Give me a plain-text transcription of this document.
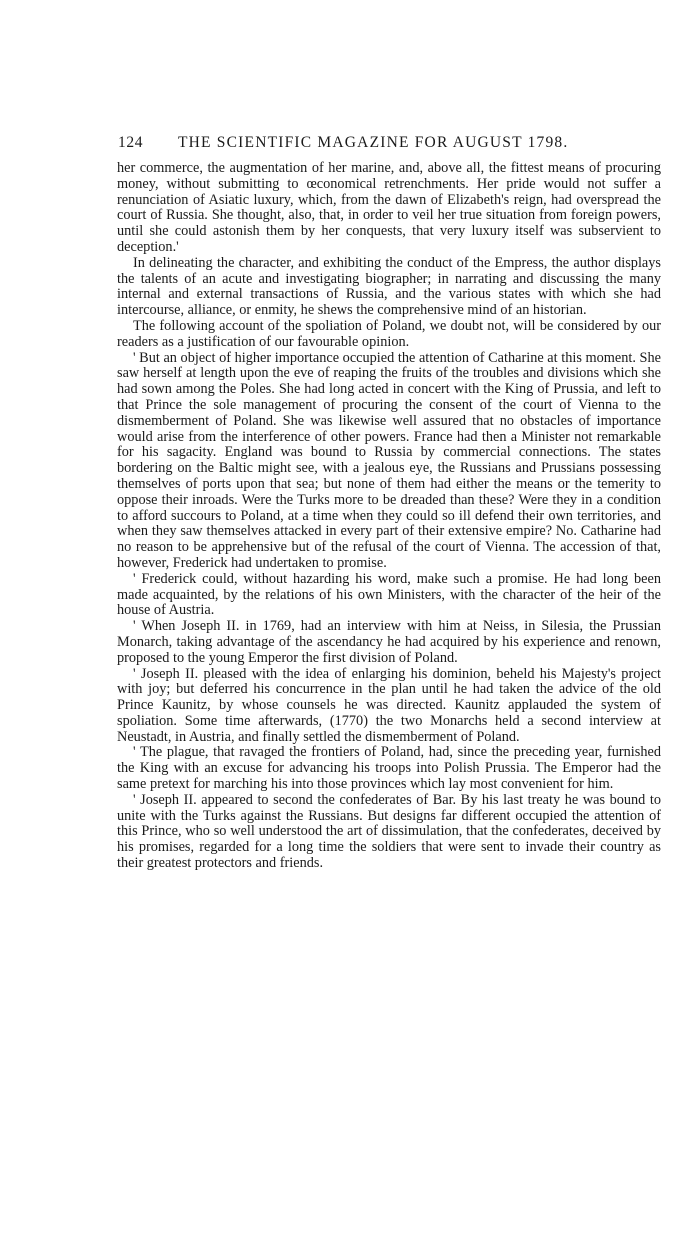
124 THE SCIENTIFIC MAGAZINE FOR AUGUST 1798.

her commerce, the augmentation of her marine, and, above all, the fittest means of procuring money, without submitting to œconomical retrenchments. Her pride would not suffer a renunciation of Asiatic luxury, which, from the dawn of Elizabeth's reign, had overspread the court of Russia. She thought, also, that, in order to veil her true situation from foreign powers, until she could astonish them by her conquests, that very luxury itself was subservient to deception.'

In delineating the character, and exhibiting the conduct of the Empress, the author displays the talents of an acute and investigating biographer; in narrating and discussing the many internal and external transactions of Russia, and the various states with which she had intercourse, alliance, or enmity, he shews the comprehensive mind of an historian.

The following account of the spoliation of Poland, we doubt not, will be considered by our readers as a justification of our favourable opinion.

' But an object of higher importance occupied the attention of Catharine at this moment. She saw herself at length upon the eve of reaping the fruits of the troubles and divisions which she had sown among the Poles. She had long acted in concert with the King of Prussia, and left to that Prince the sole management of procuring the consent of the court of Vienna to the dismemberment of Poland. She was likewise well assured that no obstacles of importance would arise from the interference of other powers. France had then a Minister not remarkable for his sagacity. England was bound to Russia by commercial connections. The states bordering on the Baltic might see, with a jealous eye, the Russians and Prussians possessing themselves of ports upon that sea; but none of them had either the means or the temerity to oppose their inroads. Were the Turks more to be dreaded than these? Were they in a condition to afford succours to Poland, at a time when they could so ill defend their own territories, and when they saw themselves attacked in every part of their extensive empire? No. Catharine had no reason to be apprehensive but of the refusal of the court of Vienna. The accession of that, however, Frederick had undertaken to promise.

' Frederick could, without hazarding his word, make such a promise. He had long been made acquainted, by the relations of his own Ministers, with the character of the heir of the house of Austria.

' When Joseph II. in 1769, had an interview with him at Neiss, in Silesia, the Prussian Monarch, taking advantage of the ascendancy he had acquired by his experience and renown, proposed to the young Emperor the first division of Poland.

' Joseph II. pleased with the idea of enlarging his dominion, beheld his Majesty's project with joy; but deferred his concurrence in the plan until he had taken the advice of the old Prince Kaunitz, by whose counsels he was directed. Kaunitz applauded the system of spoliation. Some time afterwards, (1770) the two Monarchs held a second interview at Neustadt, in Austria, and finally settled the dismemberment of Poland.

' The plague, that ravaged the frontiers of Poland, had, since the preceding year, furnished the King with an excuse for advancing his troops into Polish Prussia. The Emperor had the same pretext for marching his into those provinces which lay most convenient for him.

' Joseph II. appeared to second the confederates of Bar. By his last treaty he was bound to unite with the Turks against the Russians. But designs far different occupied the attention of this Prince, who so well understood the art of dissimulation, that the confederates, deceived by his promises, regarded for a long time the soldiers that were sent to invade their country as their greatest protectors and friends.
